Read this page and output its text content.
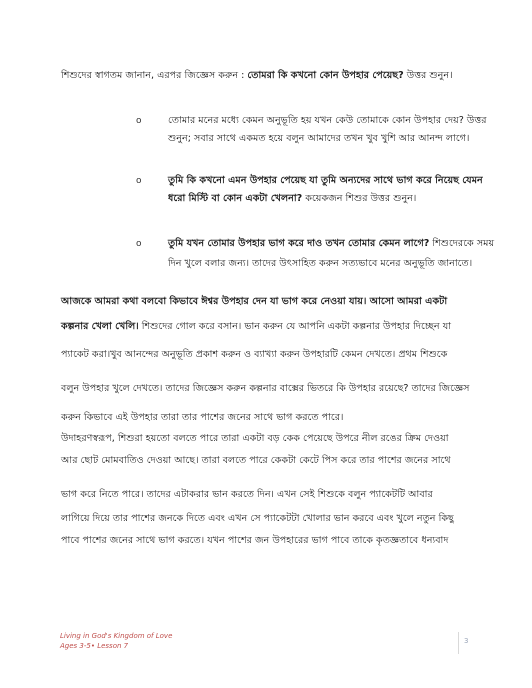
শিশুদের স্বাগতম জানান, এরপর জিজ্ঞেস করুন : তোমরা কি কখনো কোন উপহার পেয়েছ? উত্তর শুনুন।
o	তোমার মনের মধ্যে কেমন অনুভূতি হয় যখন কেউ তোমাকে কোন উপহার দেয়? উত্তর
শুনুন; সবার সাথে একমত হয়ে বলুন আমাদের তখন খুব খুশি আর আনন্দ লাগে।
o	তুমি কি কখনো এমন উপহার পেয়েছ যা তুমি অন্যদের সাথে ভাগ করে নিয়েছ যেমন
ধরো মিস্টি বা কোন একটা খেলনা? কয়েকজন শিশুর উত্তর শুনুন।
o	তুমি যখন তোমার উপহার ভাগ করে দাও তখন তোমার কেমন লাগে? শিশুদেরকে সময়
দিন খুলে বলার জন্য। তাদের উৎসাহিত করুন সত্যভাবে মনের অনুভূতি জানাতে।
আজকে আমরা কথা বলবো কিভাবে ঈশ্বর উপহার দেন যা ভাগ করে নেওয়া যায়। আসো আমরা একটা
কল্পনার খেলা খেলি। শিশুদের গোল করে বসান। ভান করুন যে আপনি একটা কল্পনার উপহার দিচ্ছেন যা
প্যাকেট করা।খুব আনন্দের অনুভূতি প্রকাশ করুন ও ব্যাখ্যা করুন উপহারটি কেমন দেখতে। প্রথম শিশুকে
বলুন উপহার খুলে দেখতে। তাদের জিজ্ঞেস করুন কল্পনার বাক্সের ভিতরে কি উপহার রয়েছে? তাদের জিজ্ঞেস
করুন কিভাবে এই উপহার তারা তার পাশের জনের সাথে ভাগ করতে পারে।
উদাহরণস্বরূপ, শিশুরা হয়তো বলতে পারে তারা একটা বড় কেক পেয়েছে উপরে নীল রঙের ক্রিম দেওয়া
আর ছোট মোমবাতিও দেওয়া আছে। তারা বলতে পারে কেকটা কেটে পিস করে তার পাশের জনের সাথে
ভাগ করে নিতে পারে। তাদের এটাকরার ভান করতে দিন। এখন সেই শিশুকে বলুন প্যাকেটটি আবার
লাগিয়ে দিয়ে তার পাশের জনকে দিতে এবং এখন সে প্যাকেটটা খোলার ভান করবে এবং খুলে নতুন কিছু
পাবে পাশের জনের সাথে ভাগ করতে। যখন পাশের জন উপহারের ভাগ পাবে তাকে কৃতজ্ঞতাবে ধন্যবাদ
Living in God's Kingdom of Love
Ages 3-5• Lesson 7
3
